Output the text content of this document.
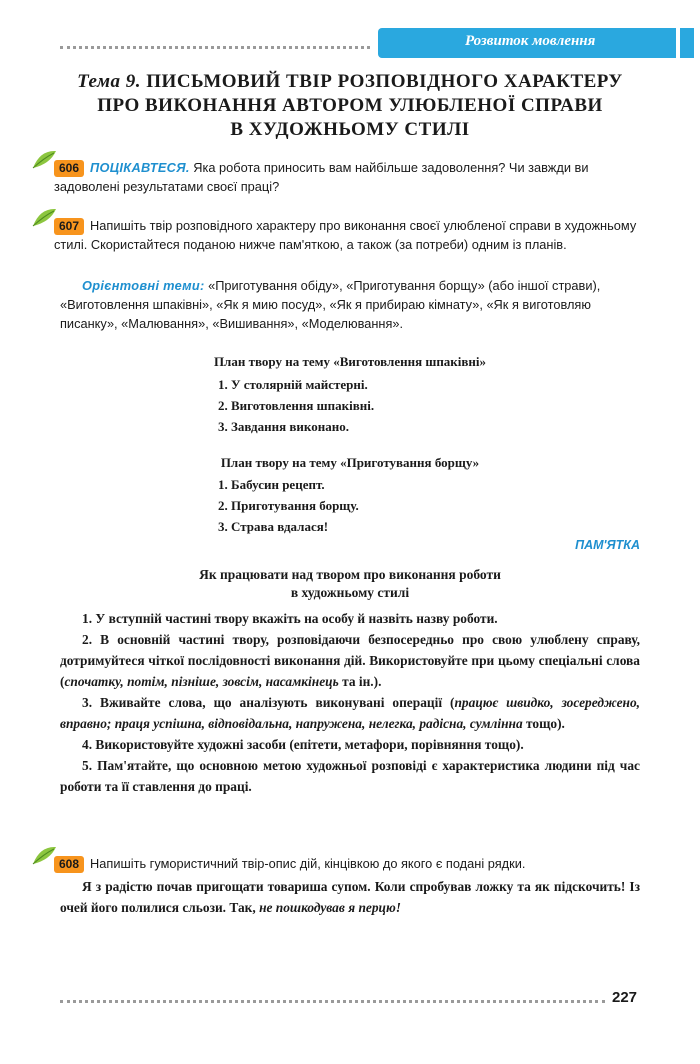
Розвиток мовлення
Тема 9. ПИСЬМОВИЙ ТВІР РОЗПОВІДНОГО ХАРАКТЕРУ
ПРО ВИКОНАННЯ АВТОРОМ УЛЮБЛЕНОЇ СПРАВИ
В ХУДОЖНЬОМУ СТИЛІ
606 ПОЦІКАВТЕСЯ. Яка робота приносить вам найбільше задоволення? Чи завжди ви задоволені результатами своєї праці?
607 Напишіть твір розповідного характеру про виконання своєї улюбленої справи в художньому стилі. Скористайтеся поданою нижче пам'яткою, а також (за потреби) одним із планів.
Орієнтовні теми: «Приготування обіду», «Приготування борщу» (або іншої страви), «Виготовлення шпаківні», «Як я мию посуд», «Як я прибираю кімнату», «Як я виготовляю писанку», «Малювання», «Вишивання», «Моделювання».
План твору на тему «Виготовлення шпаківні»
1. У столярній майстерні.
2. Виготовлення шпаківні.
3. Завдання виконано.
План твору на тему «Приготування борщу»
1. Бабусин рецепт.
2. Приготування борщу.
3. Страва вдалася!
ПАМ'ЯТКА
Як працювати над твором про виконання роботи
в художньому стилі

1. У вступній частині твору вкажіть на особу й назвіть назву роботи.

2. В основній частині твору, розповідаючи безпосередньо про свою улюблену справу, дотримуйтеся чіткої послідовності виконання дій. Використовуйте при цьому спеціальні слова (спочатку, потім, пізніше, зовсім, насамкінець та ін.).

3. Вживайте слова, що аналізують виконувані операції (працює швидко, зосереджено, вправно; праця успішна, відповідальна, напружена, нелегка, радісна, сумлінна тощо).

4. Використовуйте художні засоби (епітети, метафори, порівняння тощо).

5. Пам'ятайте, що основною метою художньої розповіді є характеристика людини під час роботи та її ставлення до праці.

608 Напишіть гумористичний твір-опис дій, кінцівкою до якого є подані рядки.

Я з радістю почав пригощати товариша супом. Коли спробував ложку та як підскочить! Із очей його полилися сльози. Так, не пошкодував я перцю!

227
